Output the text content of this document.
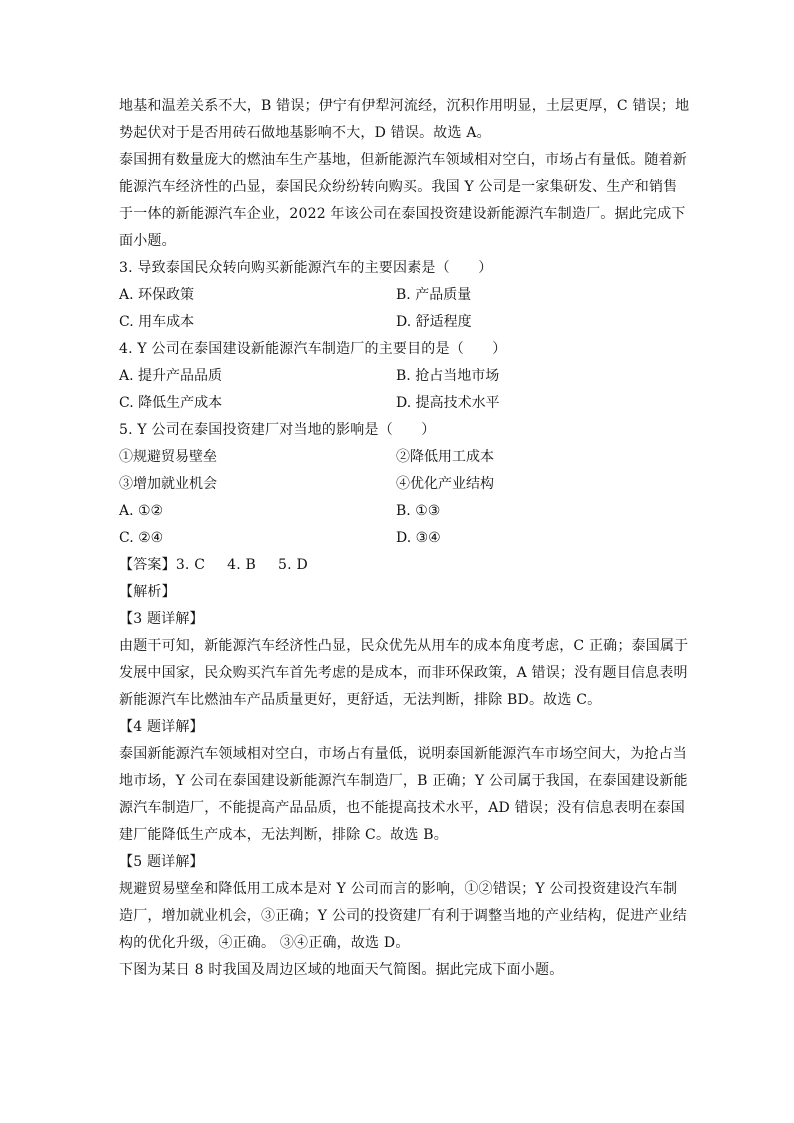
地基和温差关系不大，B 错误；伊宁有伊犁河流经，沉积作用明显，土层更厚，C 错误；地
势起伏对于是否用砖石做地基影响不大，D 错误。故选 A。
泰国拥有数量庞大的燃油车生产基地，但新能源汽车领域相对空白，市场占有量低。随着新
能源汽车经济性的凸显，泰国民众纷纷转向购买。我国 Y 公司是一家集研发、生产和销售
于一体的新能源汽车企业，2022 年该公司在泰国投资建设新能源汽车制造厂。据此完成下
面小题。
3. 导致泰国民众转向购买新能源汽车的主要因素是（　　）
A. 环保政策	B. 产品质量
C. 用车成本	D. 舒适程度
4. Y 公司在泰国建设新能源汽车制造厂的主要目的是（　　）
A. 提升产品品质	B. 抢占当地市场
C. 降低生产成本	D. 提高技术水平
5. Y 公司在泰国投资建厂对当地的影响是（　　）
①规避贸易壁垒	②降低用工成本
③增加就业机会	④优化产业结构
A. ①②	B. ①③
C. ②④	D. ③④
【答案】3. C 4. B 5. D
【解析】
【3 题详解】
由题干可知，新能源汽车经济性凸显，民众优先从用车的成本角度考虑，C 正确；泰国属于
发展中国家，民众购买汽车首先考虑的是成本，而非环保政策，A 错误；没有题目信息表明
新能源汽车比燃油车产品质量更好，更舒适，无法判断，排除 BD。故选 C。
【4 题详解】
泰国新能源汽车领域相对空白，市场占有量低，说明泰国新能源汽车市场空间大，为抢占当
地市场，Y 公司在泰国建设新能源汽车制造厂，B 正确；Y 公司属于我国，在泰国建设新能
源汽车制造厂，不能提高产品品质，也不能提高技术水平，AD 错误；没有信息表明在泰国
建厂能降低生产成本，无法判断，排除 C。故选 B。
【5 题详解】
规避贸易壁垒和降低用工成本是对 Y 公司而言的影响，①②错误；Y 公司投资建设汽车制
造厂，增加就业机会，③正确；Y 公司的投资建厂有利于调整当地的产业结构，促进产业结
构的优化升级，④正确。 ③④正确，故选 D。
下图为某日 8 时我国及周边区域的地面天气简图。据此完成下面小题。
